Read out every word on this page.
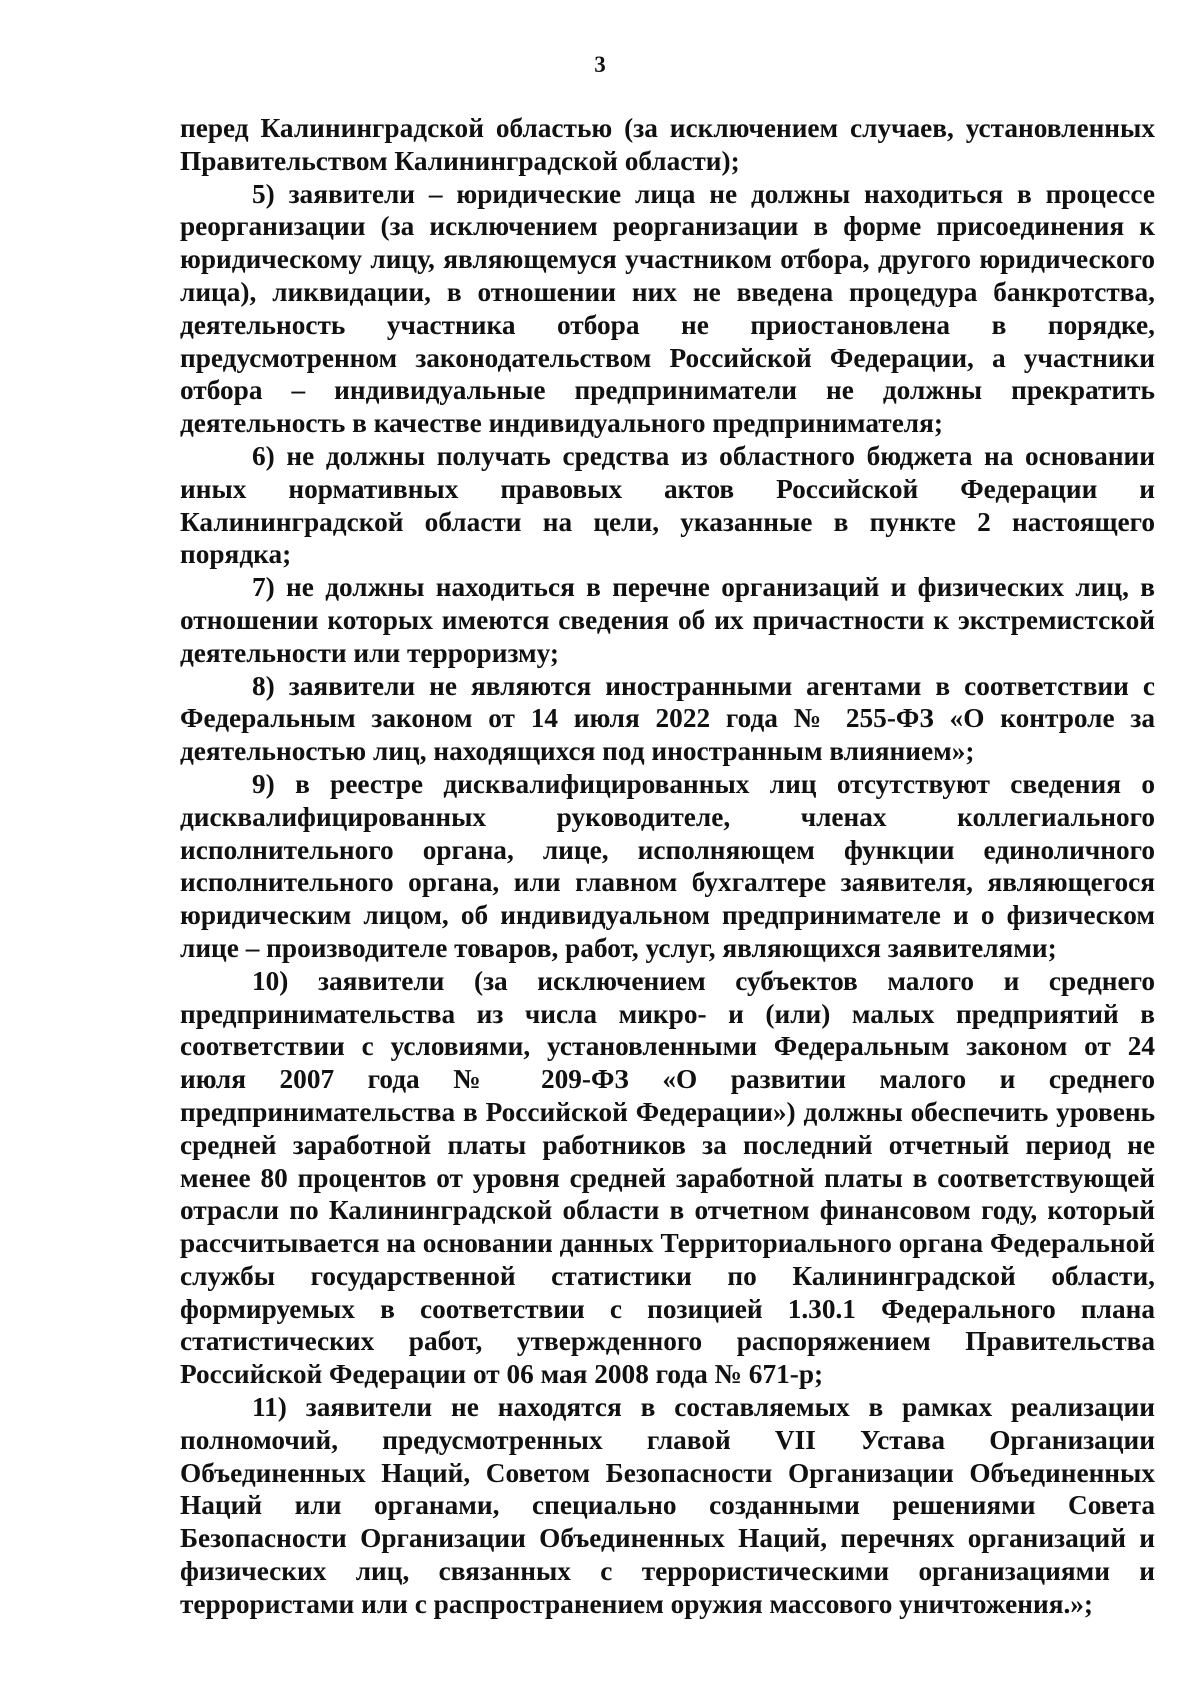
3

перед Калининградской областью (за исключением случаев, установленных Правительством Калининградской области);

5) заявители – юридические лица не должны находиться в процессе реорганизации (за исключением реорганизации в форме присоединения к юридическому лицу, являющемуся участником отбора, другого юридического лица), ликвидации, в отношении них не введена процедура банкротства, деятельность участника отбора не приостановлена в порядке, предусмотренном законодательством Российской Федерации, а участники отбора – индивидуальные предприниматели не должны прекратить деятельность в качестве индивидуального предпринимателя;

6) не должны получать средства из областного бюджета на основании иных нормативных правовых актов Российской Федерации и Калининградской области на цели, указанные в пункте 2 настоящего порядка;

7) не должны находиться в перечне организаций и физических лиц, в отношении которых имеются сведения об их причастности к экстремистской деятельности или терроризму;

8) заявители не являются иностранными агентами в соответствии с Федеральным законом от 14 июля 2022 года № 255-ФЗ «О контроле за деятельностью лиц, находящихся под иностранным влиянием»;

9) в реестре дисквалифицированных лиц отсутствуют сведения о дисквалифицированных руководителе, членах коллегиального исполнительного органа, лице, исполняющем функции единоличного исполнительного органа, или главном бухгалтере заявителя, являющегося юридическим лицом, об индивидуальном предпринимателе и о физическом лице – производителе товаров, работ, услуг, являющихся заявителями;

10) заявители (за исключением субъектов малого и среднего предпринимательства из числа микро- и (или) малых предприятий в соответствии с условиями, установленными Федеральным законом от 24 июля 2007 года № 209-ФЗ «О развитии малого и среднего предпринимательства в Российской Федерации») должны обеспечить уровень средней заработной платы работников за последний отчетный период не менее 80 процентов от уровня средней заработной платы в соответствующей отрасли по Калининградской области в отчетном финансовом году, который рассчитывается на основании данных Территориального органа Федеральной службы государственной статистики по Калининградской области, формируемых в соответствии с позицией 1.30.1 Федерального плана статистических работ, утвержденного распоряжением Правительства Российской Федерации от 06 мая 2008 года № 671-р;

11) заявители не находятся в составляемых в рамках реализации полномочий, предусмотренных главой VII Устава Организации Объединенных Наций, Советом Безопасности Организации Объединенных Наций или органами, специально созданными решениями Совета Безопасности Организации Объединенных Наций, перечнях организаций и физических лиц, связанных с террористическими организациями и террористами или с распространением оружия массового уничтожения.»;
